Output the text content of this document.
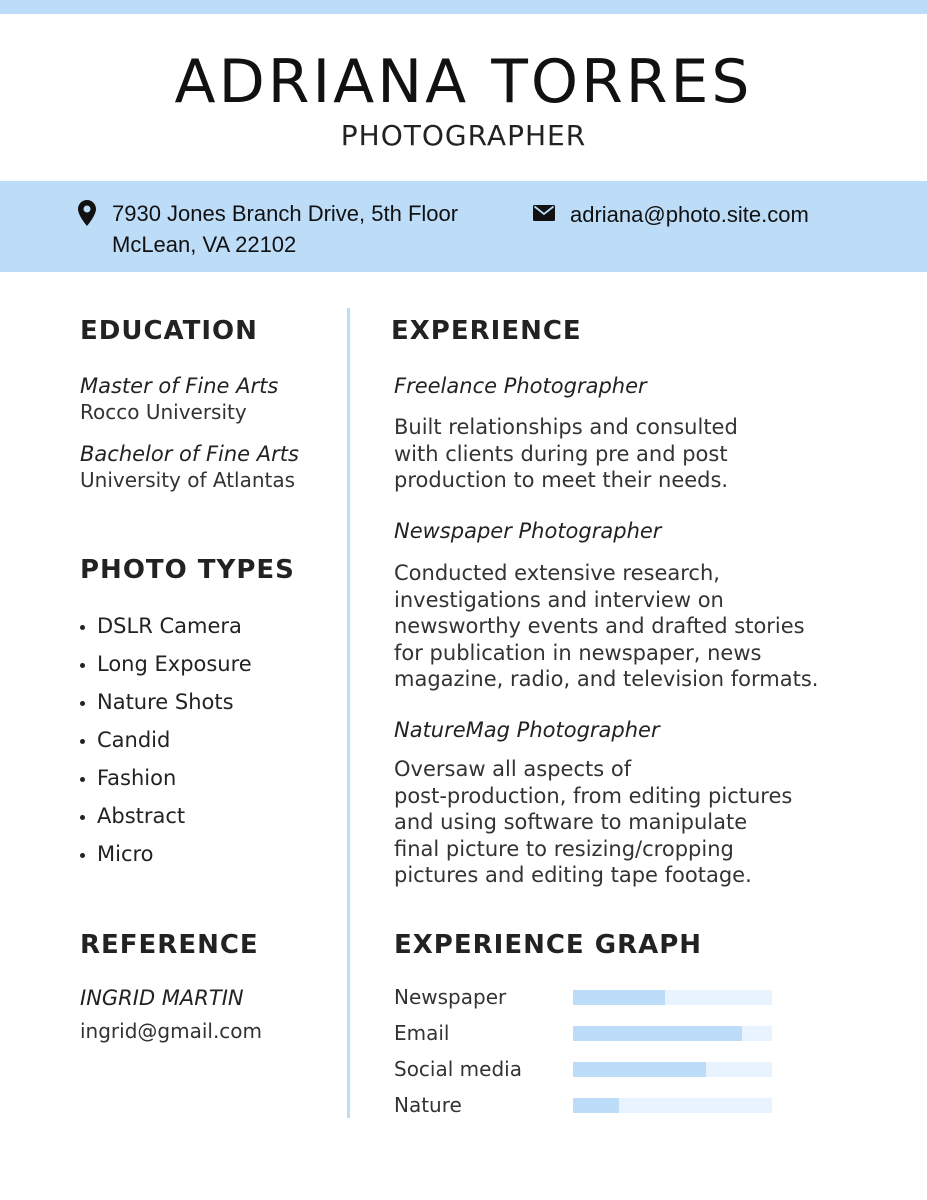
ADRIANA TORRES
PHOTOGRAPHER
7930 Jones Branch Drive, 5th Floor
McLean, VA 22102
adriana@photo.site.com
EDUCATION
Master of Fine Arts
Rocco University
Bachelor of Fine Arts
University of Atlantas
PHOTO TYPES
DSLR Camera
Long Exposure
Nature Shots
Candid
Fashion
Abstract
Micro
REFERENCE
INGRID MARTIN
ingrid@gmail.com
EXPERIENCE
Freelance Photographer
Built relationships and consulted
with clients during pre and post
production to meet their needs.
Newspaper Photographer
Conducted extensive research,
investigations and interview on
newsworthy events and drafted stories
for publication in newspaper, news
magazine, radio, and television formats.
NatureMag Photographer
Oversaw all aspects of
post-production, from editing pictures
and using software to manipulate
final picture to resizing/cropping
pictures and editing tape footage.
EXPERIENCE GRAPH
Newspaper
Email
Social media
Nature
